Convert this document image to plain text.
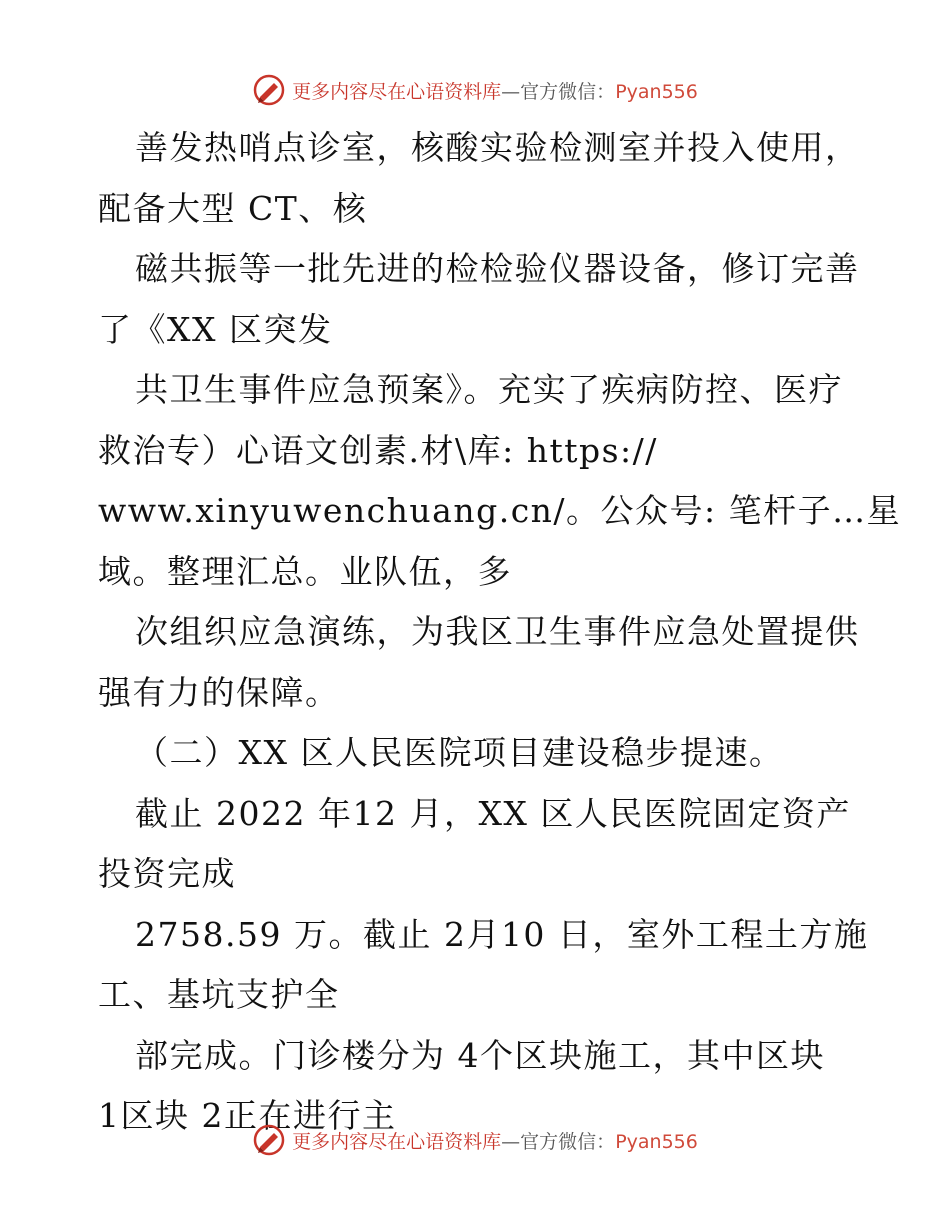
更多内容尽在心语资料库—官方微信：Pyan556
善发热哨点诊室，核酸实验检测室并投入使用，
配备大型 CT、核
磁共振等一批先进的检检验仪器设备，修订完善
了《XX 区突发
共卫生事件应急预案》。充实了疾病防控、医疗
救治专）心语文创素.材\库: https://
www.xinyuwenchuang.cn/。公众号: 笔杆子…星
域。整理汇总。业队伍，多
次组织应急演练，为我区卫生事件应急处置提供
强有力的保障。
（二）XX 区人民医院项目建设稳步提速。
截止 2022 年12 月，XX 区人民医院固定资产
投资完成
2758.59 万。截止 2月10 日，室外工程土方施
工、基坑支护全
部完成。门诊楼分为 4个区块施工，其中区块
1区块 2正在进行主
更多内容尽在心语资料库—官方微信：Pyan556
